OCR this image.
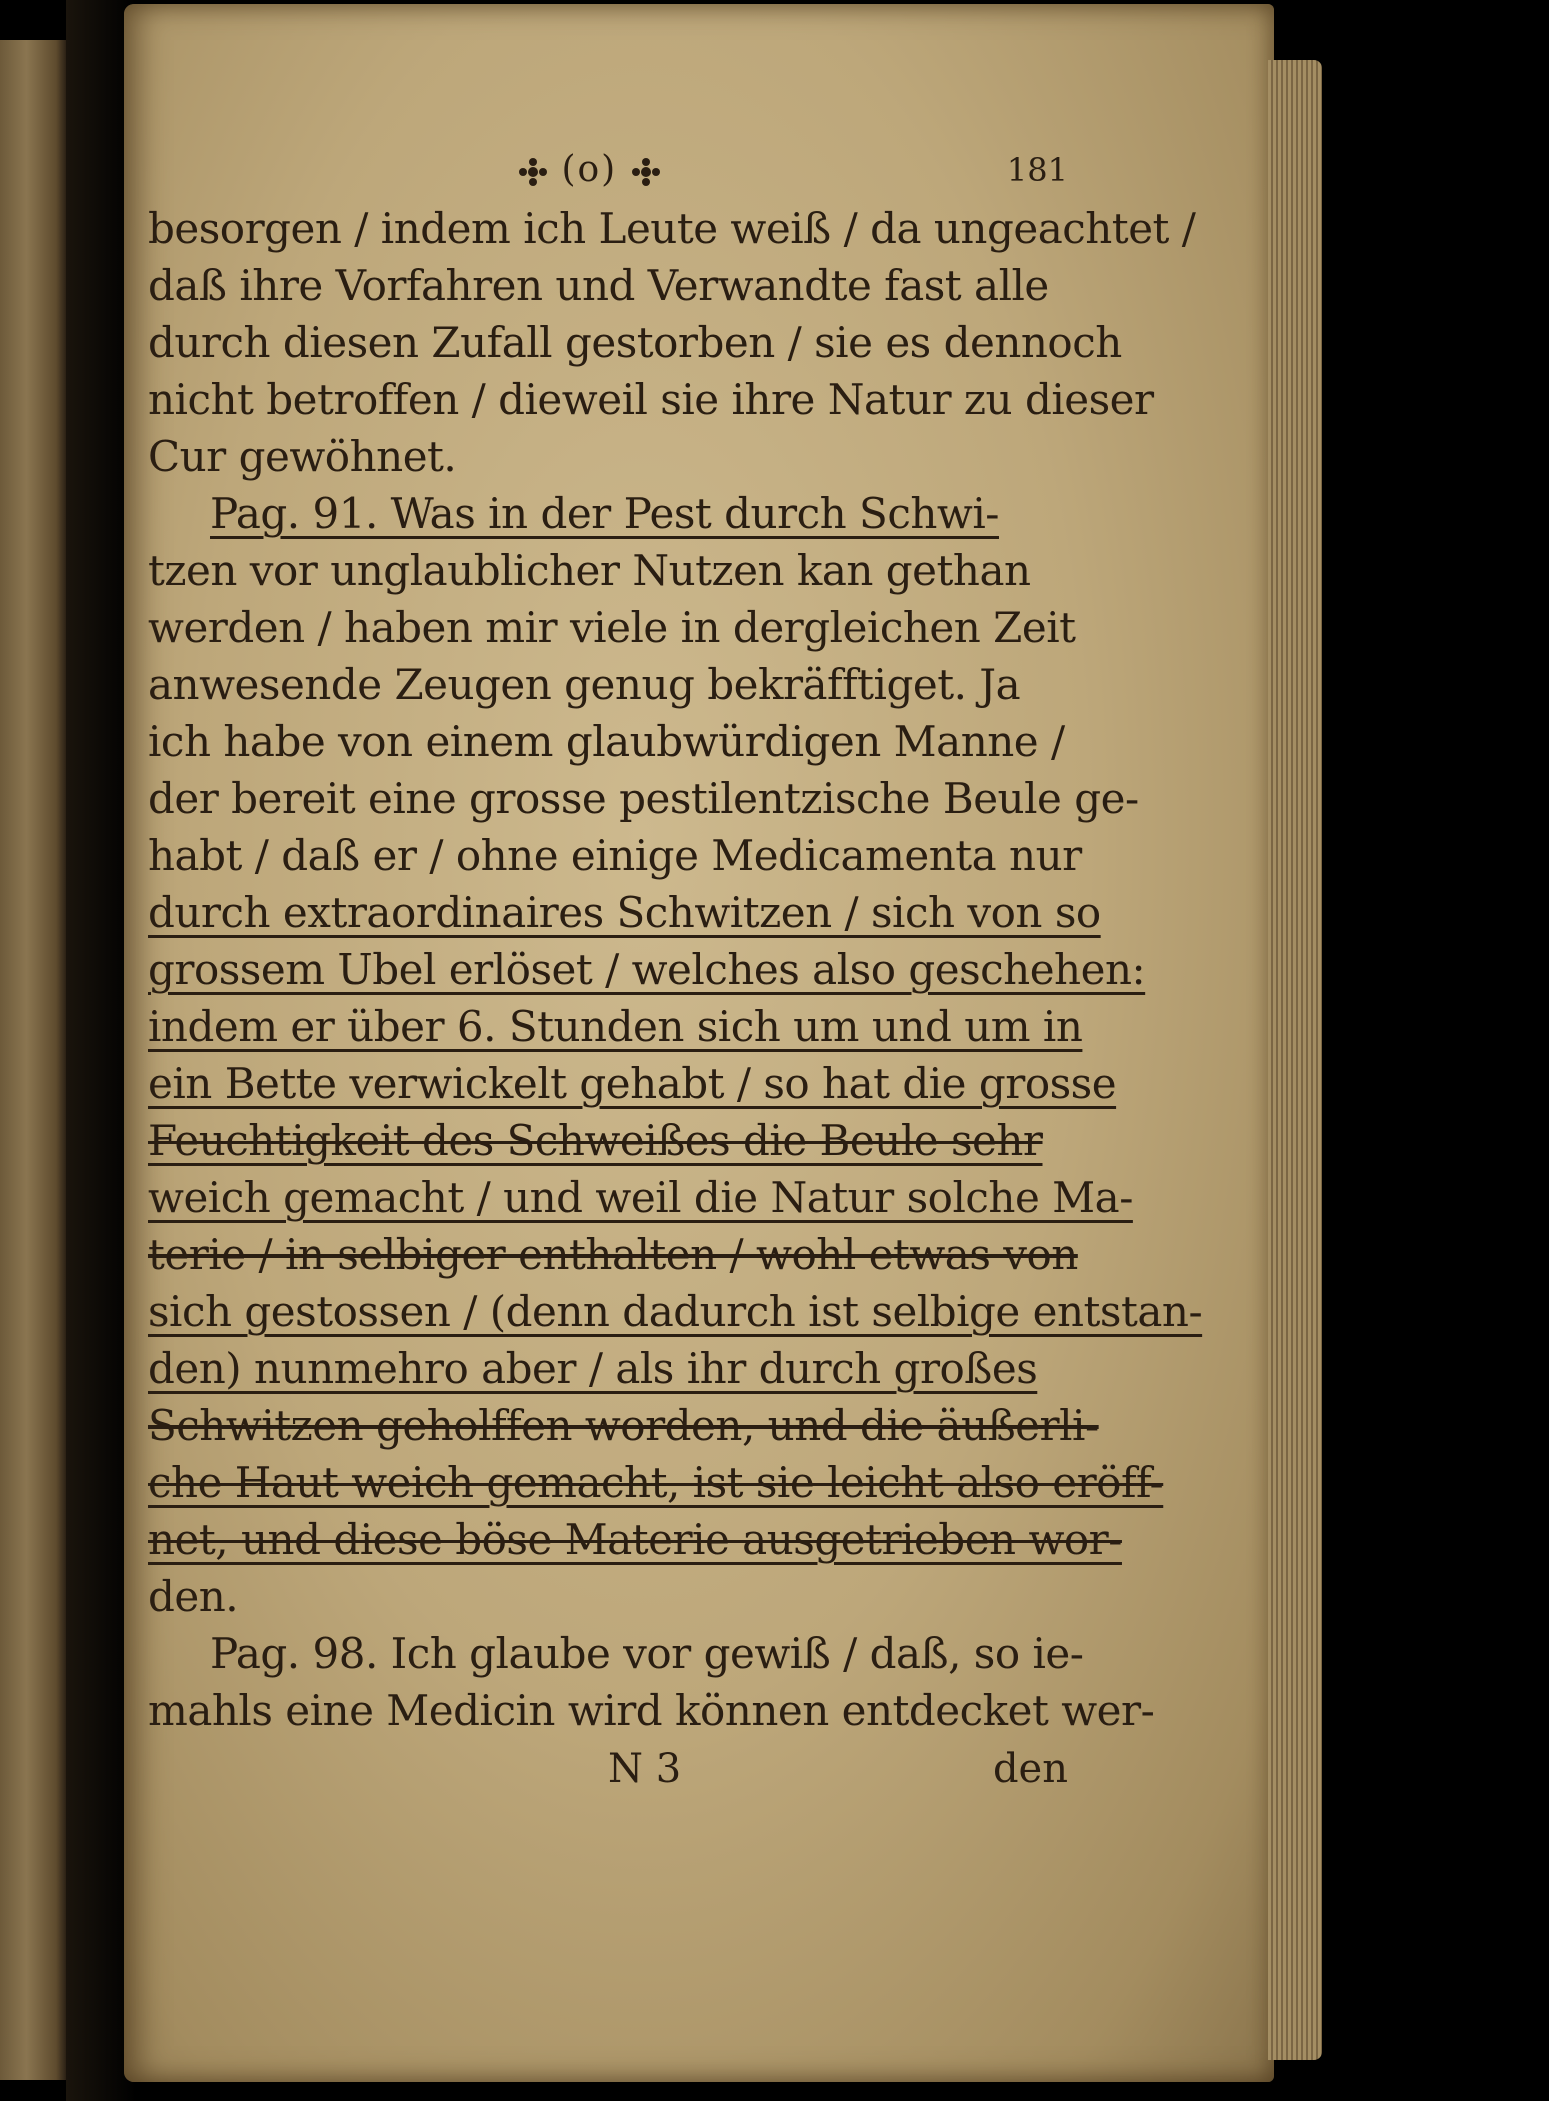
(o)	181
besorgen / indem ich Leute weiß / da ungeachtet /
daß ihre Vorfahren und Verwandte fast alle
durch diesen Zufall gestorben / sie es dennoch
nicht betroffen / dieweil sie ihre Natur zu dieser
Cur gewöhnet.
Pag. 91. Was in der Pest durch Schwi-
tzen vor unglaublicher Nutzen kan gethan
werden / haben mir viele in dergleichen Zeit
anwesende Zeugen genug bekräfftiget. Ja
ich habe von einem glaubwürdigen Manne /
der bereit eine grosse pestilentzische Beule ge-
habt / daß er / ohne einige Medicamenta nur
durch extraordinaires Schwitzen / sich von so
grossem Ubel erlöset / welches also geschehen:
indem er über 6. Stunden sich um und um in
ein Bette verwickelt gehabt / so hat die grosse
Feuchtigkeit des Schweißes die Beule sehr
weich gemacht / und weil die Natur solche Ma-
terie / in selbiger enthalten / wohl etwas von
sich gestossen / (denn dadurch ist selbige entstan-
den) nunmehro aber / als ihr durch großes
Schwitzen geholffen worden, und die äußerli-
che Haut weich gemacht, ist sie leicht also eröff-
net, und diese böse Materie ausgetrieben wor-
den.
Pag. 98. Ich glaube vor gewiß / daß, so ie-
mahls eine Medicin wird können entdecket wer-
N 3	den
